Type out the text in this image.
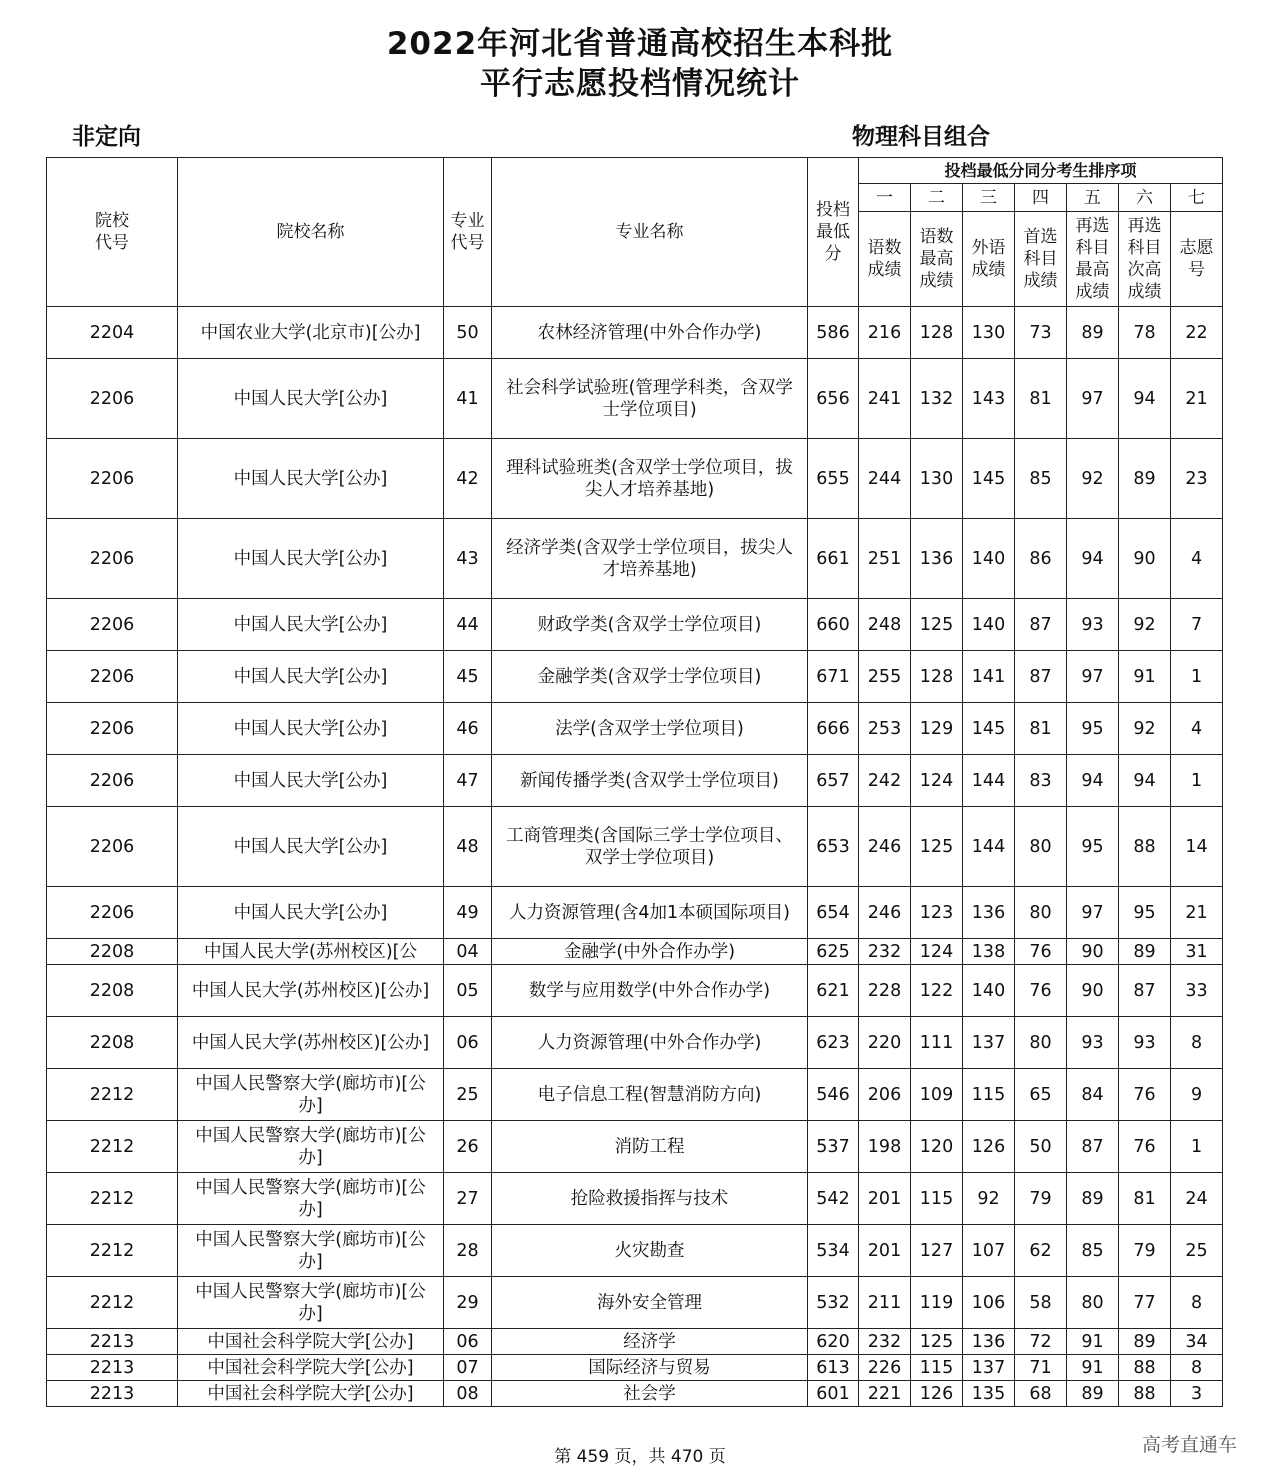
2022年河北省普通高校招生本科批
平行志愿投档情况统计
非定向	物理科目组合
院校代号	院校名称	专业代号	专业名称	投档最低分	投档最低分同分考生排序项						
					一	二	三	四	五	六	七
					语数成绩	语数最高成绩	外语成绩	首选科目成绩	再选科目最高成绩	再选科目次高成绩	志愿号
2204	中国农业大学(北京市)[公办]	50	农林经济管理(中外合作办学)	586	216	128	130	73	89	78	22
2206	中国人民大学[公办]	41	社会科学试验班(管理学科类，含双学士学位项目)	656	241	132	143	81	97	94	21
2206	中国人民大学[公办]	42	理科试验班类(含双学士学位项目，拔尖人才培养基地)	655	244	130	145	85	92	89	23
2206	中国人民大学[公办]	43	经济学类(含双学士学位项目，拔尖人才培养基地)	661	251	136	140	86	94	90	4
2206	中国人民大学[公办]	44	财政学类(含双学士学位项目)	660	248	125	140	87	93	92	7
2206	中国人民大学[公办]	45	金融学类(含双学士学位项目)	671	255	128	141	87	97	91	1
2206	中国人民大学[公办]	46	法学(含双学士学位项目)	666	253	129	145	81	95	92	4
2206	中国人民大学[公办]	47	新闻传播学类(含双学士学位项目)	657	242	124	144	83	94	94	1
2206	中国人民大学[公办]	48	工商管理类(含国际三学士学位项目、双学士学位项目)	653	246	125	144	80	95	88	14
2206	中国人民大学[公办]	49	人力资源管理(含4加1本硕国际项目)	654	246	123	136	80	97	95	21
2208	中国人民大学(苏州校区)[公	04	金融学(中外合作办学)	625	232	124	138	76	90	89	31
2208	中国人民大学(苏州校区)[公办]	05	数学与应用数学(中外合作办学)	621	228	122	140	76	90	87	33
2208	中国人民大学(苏州校区)[公办]	06	人力资源管理(中外合作办学)	623	220	111	137	80	93	93	8
2212	中国人民警察大学(廊坊市)[公办]	25	电子信息工程(智慧消防方向)	546	206	109	115	65	84	76	9
2212	中国人民警察大学(廊坊市)[公办]	26	消防工程	537	198	120	126	50	87	76	1
2212	中国人民警察大学(廊坊市)[公办]	27	抢险救援指挥与技术	542	201	115	92	79	89	81	24
2212	中国人民警察大学(廊坊市)[公办]	28	火灾勘查	534	201	127	107	62	85	79	25
2212	中国人民警察大学(廊坊市)[公办]	29	海外安全管理	532	211	119	106	58	80	77	8
2213	中国社会科学院大学[公办]	06	经济学	620	232	125	136	72	91	89	34
2213	中国社会科学院大学[公办]	07	国际经济与贸易	613	226	115	137	71	91	88	8
2213	中国社会科学院大学[公办]	08	社会学	601	221	126	135	68	89	88	3
第 459 页，共 470 页
高考直通车
